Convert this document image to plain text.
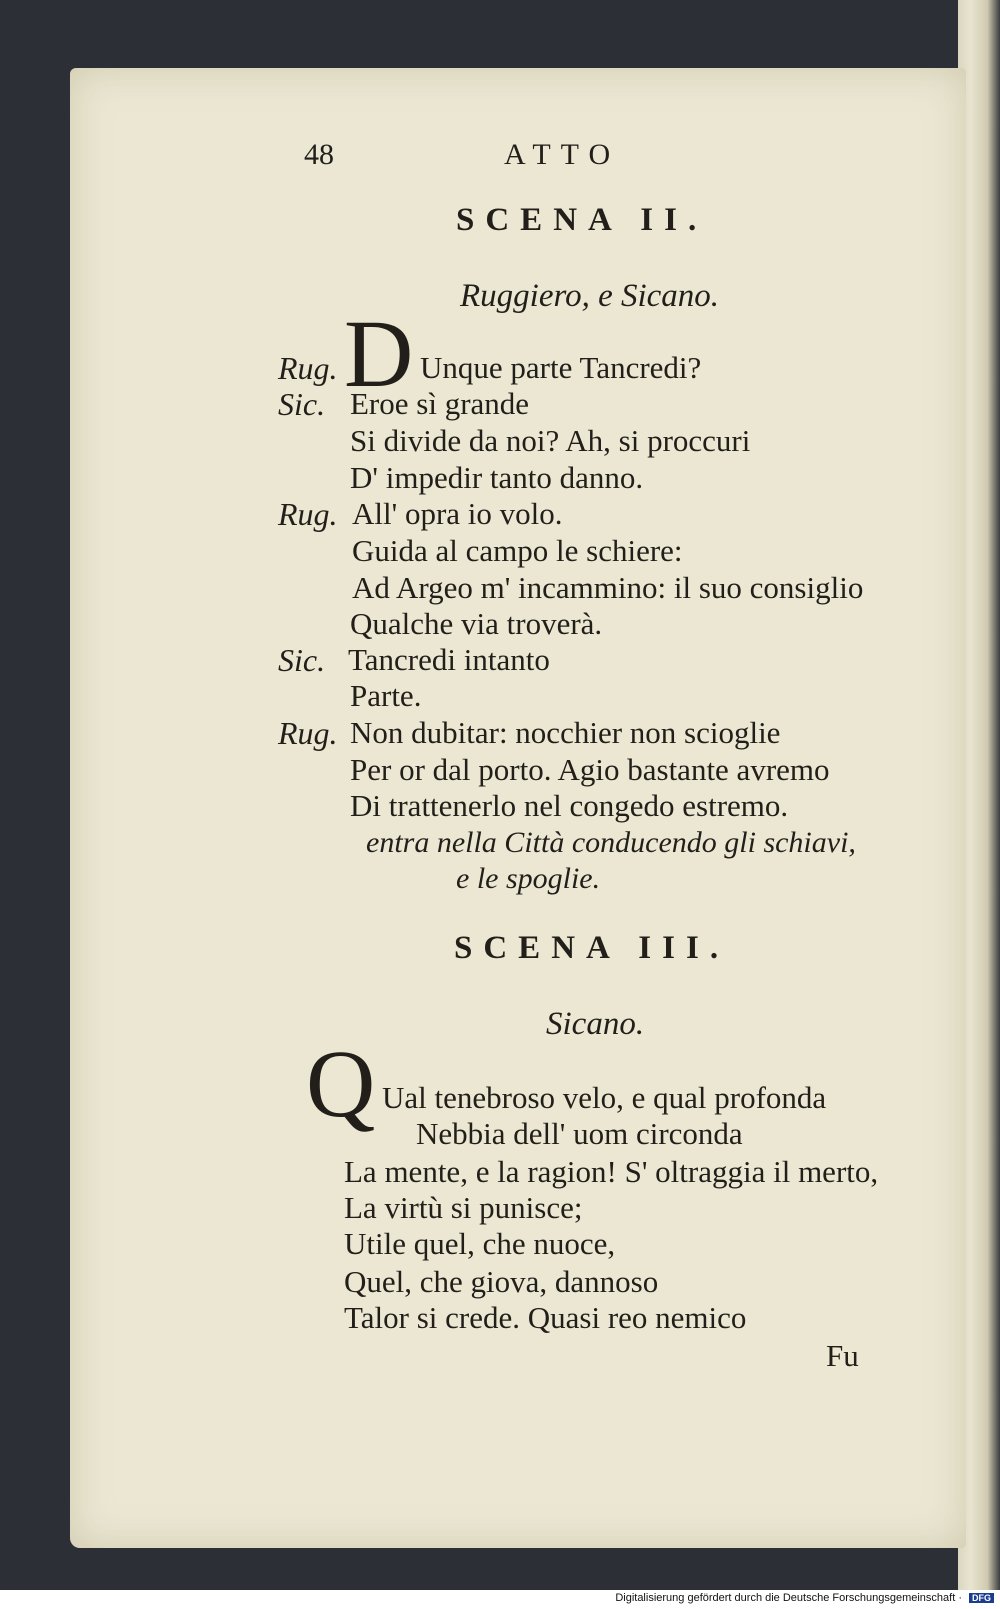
48	ATTO
SCENA II.
Ruggiero, e Sicano.
Rug. D Unque parte Tancredi?
Sic. Eroe sì grande
Si divide da noi? Ah, si proccuri
D' impedir tanto danno.
Rug. All' opra io volo.
Guida al campo le schiere:
Ad Argeo m' incammino: il suo consiglio
Qualche via troverà.
Sic. Tancredi intanto
Parte.
Rug. Non dubitar: nocchier non scioglie
Per or dal porto. Agio bastante avremo
Di trattenerlo nel congedo estremo.
entra nella Città conducendo gli schiavi,
e le spoglie.
SCENA III.
Sicano.
Q Ual tenebroso velo, e qual profonda
Nebbia dell' uom circonda
La mente, e la ragion! S' oltraggia il merto,
La virtù si punisce;
Utile quel, che nuoce,
Quel, che giova, dannoso
Talor si crede. Quasi reo nemico
Fu
Digitalisierung gefördert durch die Deutsche Forschungsgemeinschaft ·	DFG
